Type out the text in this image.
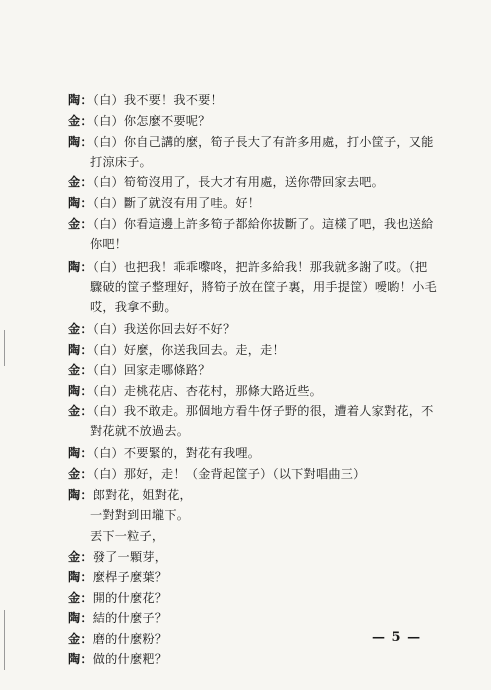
陶：（白）我不要！我不要！
金：（白）你怎麼不要呢？
陶：（白）你自己講的麼，筍子長大了有許多用處，打小筐子，又能
打涼床子。
金：（白）筍筍沒用了，長大才有用處，送你帶回家去吧。
陶：（白）斷了就沒有用了哇。好！
金：（白）你看這邊上許多筍子都給你拔斷了。這樣了吧，我也送給
你吧！
陶：（白）也把我！乖乖嚟咚，把許多給我！那我就多謝了哎。（把
驟破的筐子整理好，將筍子放在筐子裏，用手提筐）噯喲！小毛
哎，我拿不動。
金：（白）我送你回去好不好？
陶：（白）好麼，你送我回去。走，走！
金：（白）回家走哪條路？
陶：（白）走桃花店、杏花村，那條大路近些。
金：（白）我不敢走。那個地方看牛伢子野的很，遭着人家對花，不
對花就不放過去。
陶：（白）不要緊的，對花有我哩。
金：（白）那好，走！（金背起筐子）（以下對唱曲三）
陶：郎對花，姐對花，
一對對到田壠下。
丟下一粒子，
金：發了一顆芽，
陶：麼桿子麼葉？
金：開的什麼花？
陶：結的什麼子？
金：磨的什麼粉？
陶：做的什麼粑？
— 5 —
